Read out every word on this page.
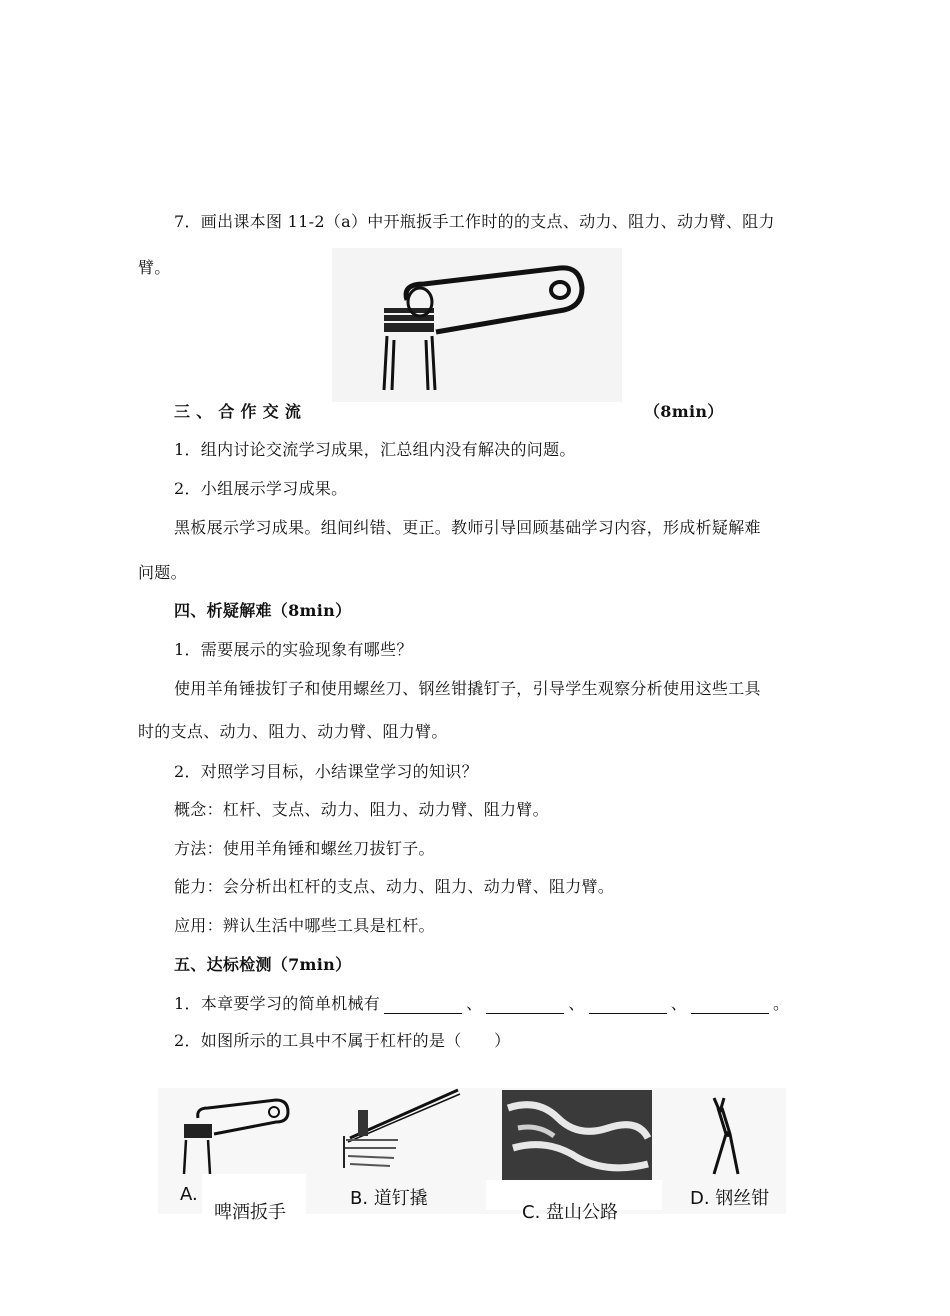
7．画出课本图 11-2（a）中开瓶扳手工作时的的支点、动力、阻力、动力臂、阻力
臂。
三 、 合 作 交 流	（8min）
1．组内讨论交流学习成果，汇总组内没有解决的问题。
2．小组展示学习成果。
黑板展示学习成果。组间纠错、更正。教师引导回顾基础学习内容，形成析疑解难
问题。
四、析疑解难（8min）
1．需要展示的实验现象有哪些？
使用羊角锤拔钉子和使用螺丝刀、钢丝钳撬钉子，引导学生观察分析使用这些工具
时的支点、动力、阻力、动力臂、阻力臂。
2．对照学习目标，小结课堂学习的知识？
概念：杠杆、支点、动力、阻力、动力臂、阻力臂。
方法：使用羊角锤和螺丝刀拔钉子。
能力：会分析出杠杆的支点、动力、阻力、动力臂、阻力臂。
应用：辨认生活中哪些工具是杠杆。
五、达标检测（7min）
1．本章要学习的简单机械有	、	、	、	。
2．如图所示的工具中不属于杠杆的是（　　）
A.
啤酒扳手
B. 道钉撬
C. 盘山公路
D. 钢丝钳
